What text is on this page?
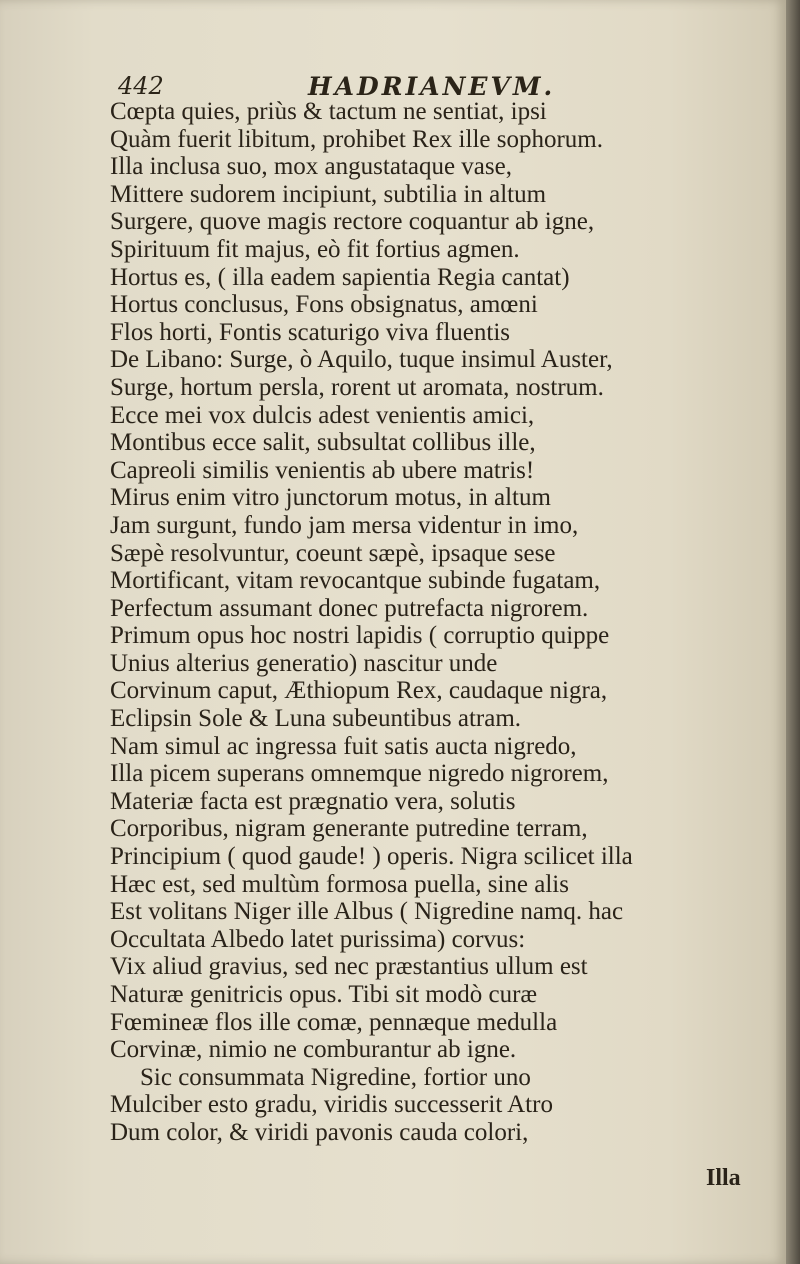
442	HADRIANEVM.
Cœpta quies, priùs & tactum ne sentiat, ipsi
Quàm fuerit libitum, prohibet Rex ille sophorum.
Illa inclusa suo, mox angustataque vase,
Mittere sudorem incipiunt, subtilia in altum
Surgere, quove magis rectore coquantur ab igne,
Spirituum fit majus, eò fit fortius agmen.
Hortus es, ( illa eadem sapientia Regia cantat)
Hortus conclusus, Fons obsignatus, amœni
Flos horti, Fontis scaturigo viva fluentis
De Libano: Surge, ò Aquilo, tuque insimul Auster,
Surge, hortum persla, rorent ut aromata, nostrum.
Ecce mei vox dulcis adest venientis amici,
Montibus ecce salit, subsultat collibus ille,
Capreoli similis venientis ab ubere matris!
Mirus enim vitro junctorum motus, in altum
Jam surgunt, fundo jam mersa videntur in imo,
Sæpè resolvuntur, coeunt sæpè, ipsaque sese
Mortificant, vitam revocantque subinde fugatam,
Perfectum assumant donec putrefacta nigrorem.
Primum opus hoc nostri lapidis ( corruptio quippe
Unius alterius generatio) nascitur unde
Corvinum caput, Æthiopum Rex, caudaque nigra,
Eclipsin Sole & Luna subeuntibus atram.
Nam simul ac ingressa fuit satis aucta nigredo,
Illa picem superans omnemque nigredo nigrorem,
Materiæ facta est prægnatio vera, solutis
Corporibus, nigram generante putredine terram,
Principium ( quod gaude! ) operis. Nigra scilicet illa
Hæc est, sed multùm formosa puella, sine alis
Est volitans Niger ille Albus ( Nigredine namq. hac
Occultata Albedo latet purissima) corvus:
Vix aliud gravius, sed nec præstantius ullum est
Naturæ genitricis opus. Tibi sit modò curæ
Fœmineæ flos ille comæ, pennæque medulla
Corvinæ, nimio ne comburantur ab igne.
Sic consummata Nigredine, fortior uno
Mulciber esto gradu, viridis successerit Atro
Dum color, & viridi pavonis cauda colori,
Illa
